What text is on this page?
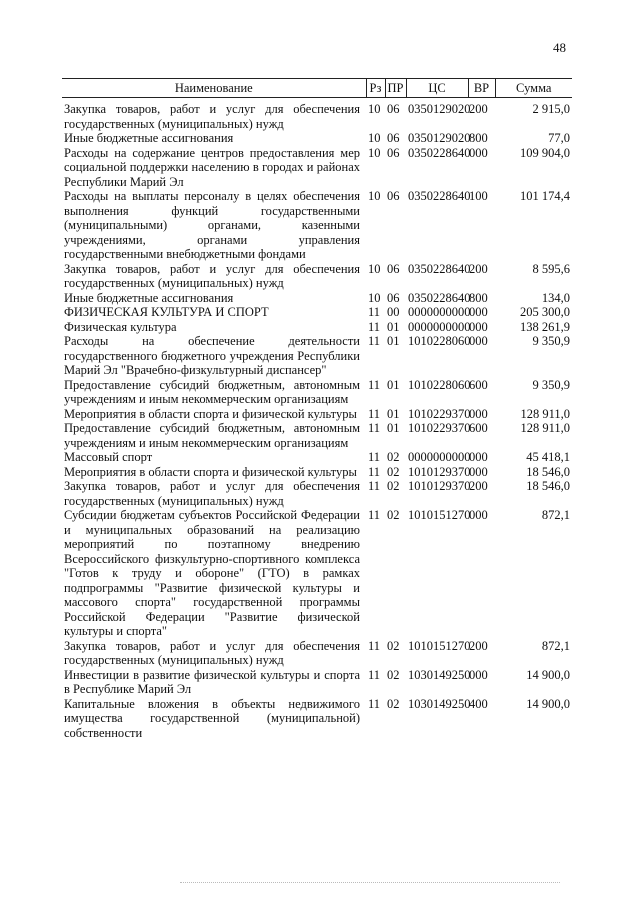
48
Наименование	Рз	ПР	ЦС	ВР	Сумма
Закупка товаров, работ и услуг для обеспечения государственных (муниципальных) нужд	10	06	0350129020	200	2 915,0
Иные бюджетные ассигнования	10	06	0350129020	800	77,0
Расходы на содержание центров предоставления мер социальной поддержки населению в городах и районах Республики Марий Эл	10	06	0350228640	000	109 904,0
Расходы на выплаты персоналу в целях обеспечения выполнения функций государственными (муниципальными) органами, казенными учреждениями, органами управления государственными внебюджетными фондами	10	06	0350228640	100	101 174,4
Закупка товаров, работ и услуг для обеспечения государственных (муниципальных) нужд	10	06	0350228640	200	8 595,6
Иные бюджетные ассигнования	10	06	0350228640	800	134,0
ФИЗИЧЕСКАЯ КУЛЬТУРА И СПОРТ	11	00	0000000000	000	205 300,0
Физическая культура	11	01	0000000000	000	138 261,9
Расходы на обеспечение деятельности государственного бюджетного учреждения Республики Марий Эл "Врачебно-физкультурный диспансер"	11	01	1010228060	000	9 350,9
Предоставление субсидий бюджетным, автономным учреждениям и иным некоммерческим организациям	11	01	1010228060	600	9 350,9
Мероприятия в области спорта и физической культуры	11	01	1010229370	000	128 911,0
Предоставление субсидий бюджетным, автономным учреждениям и иным некоммерческим организациям	11	01	1010229370	600	128 911,0
Массовый спорт	11	02	0000000000	000	45 418,1
Мероприятия в области спорта и физической культуры	11	02	1010129370	000	18 546,0
Закупка товаров, работ и услуг для обеспечения государственных (муниципальных) нужд	11	02	1010129370	200	18 546,0
Субсидии бюджетам субъектов Российской Федерации и муниципальных образований на реализацию мероприятий по поэтапному внедрению Всероссийского физкультурно-спортивного комплекса "Готов к труду и обороне" (ГТО) в рамках подпрограммы "Развитие физической культуры и массового спорта" государственной программы Российской Федерации "Развитие физической культуры и спорта"	11	02	1010151270	000	872,1
Закупка товаров, работ и услуг для обеспечения государственных (муниципальных) нужд	11	02	1010151270	200	872,1
Инвестиции в развитие физической культуры и спорта в Республике Марий Эл	11	02	1030149250	000	14 900,0
Капитальные вложения в объекты недвижимого имущества государственной (муниципальной) собственности	11	02	1030149250	400	14 900,0
